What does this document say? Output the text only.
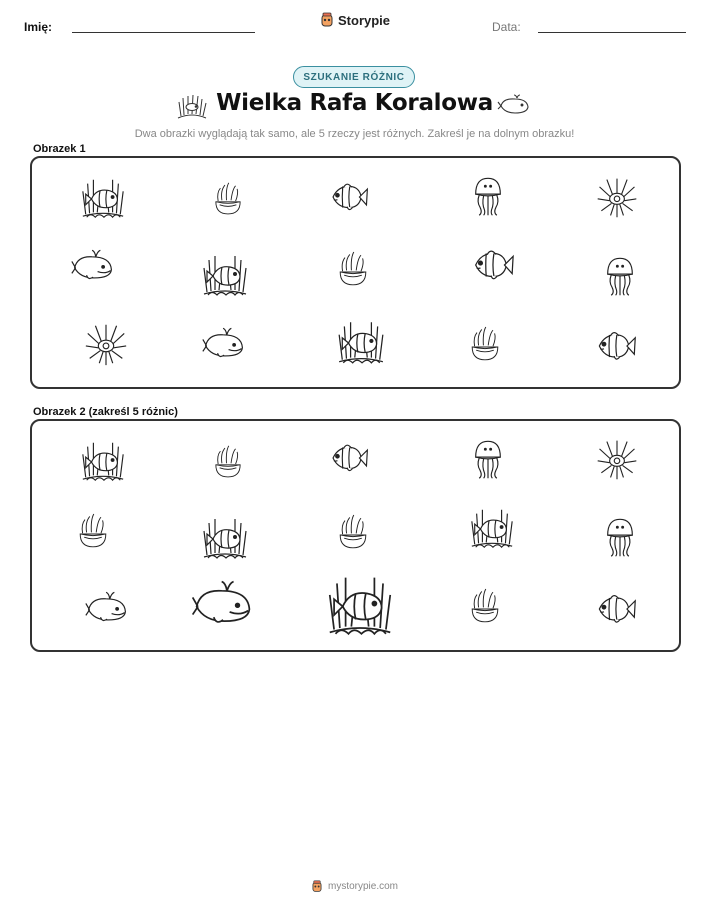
Imię:	Storypie	Data:
SZUKANIE RÓŻNIC
Wielka Rafa Koralowa
Dwa obrazki wyglądają tak samo, ale 5 rzeczy jest różnych. Zakreśl je na dolnym obrazku!
Obrazek 1
Obrazek 2 (zakreśl 5 różnic)
mystorypie.com
